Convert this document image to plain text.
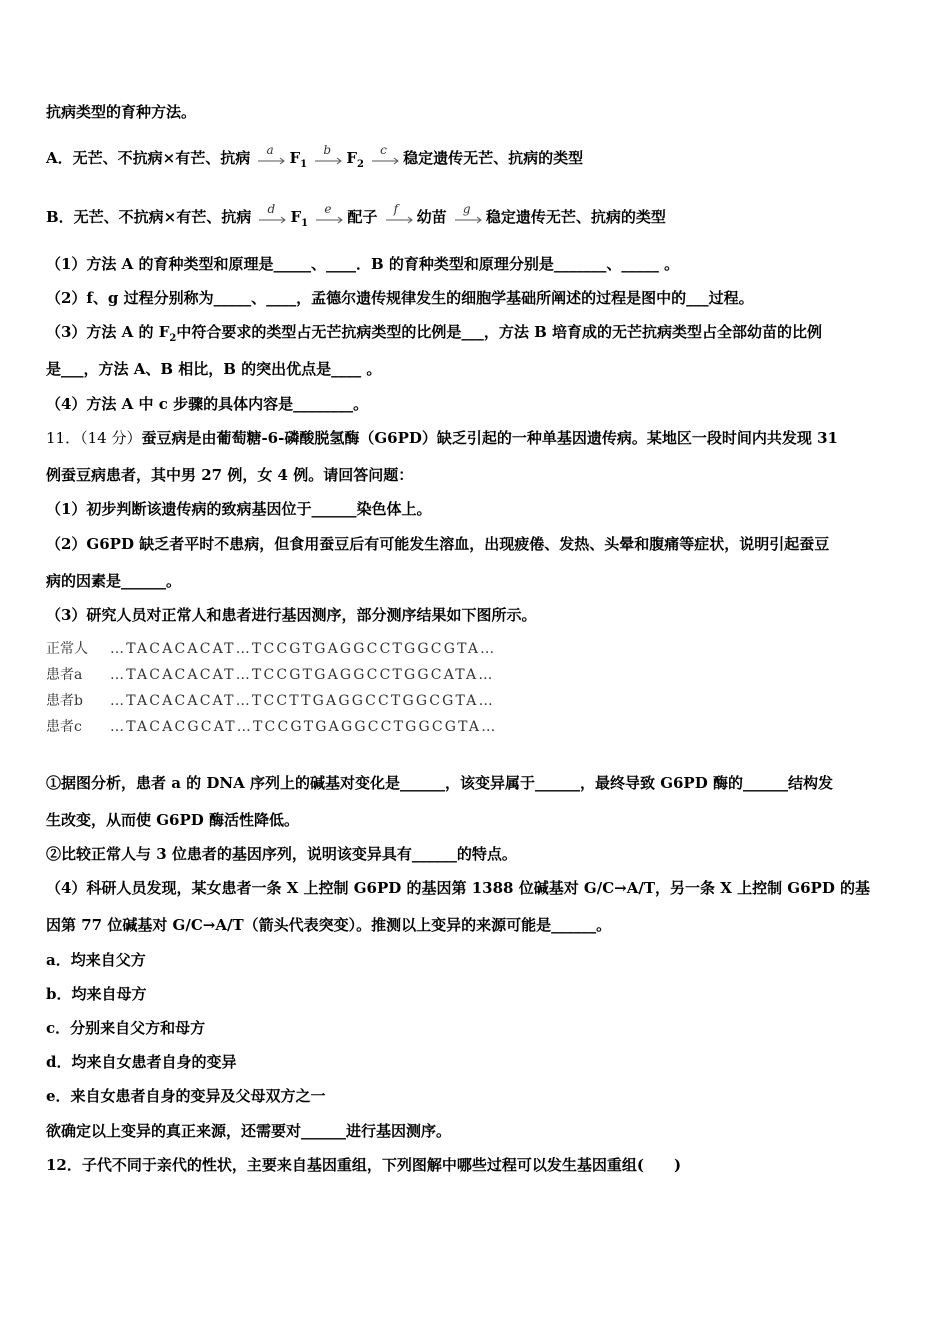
抗病类型的育种方法。
A．无芒、不抗病×有芒、抗病 a $F_1$
b $F_2$
c 稳定遗传无芒、抗病的类型
B．无芒、不抗病×有芒、抗病 d $F_1$
e 配子 f 幼苗 g 稳定遗传无芒、抗病的类型
（1）方法 A 的育种类型和原理是_____、____．B 的育种类型和原理分别是_______、_____ 。
（2）f、g 过程分别称为_____、____，孟德尔遗传规律发生的细胞学基础所阐述的过程是图中的___过程。
（3）方法 A 的 $F_2$中符合要求的类型占无芒抗病类型的比例是___，方法 B 培育成的无芒抗病类型占全部幼苗的比例
是___，方法 A、B 相比，B 的突出优点是____ 。
（4）方法 A 中 c 步骤的具体内容是________。
11．（14 分）蚕豆病是由葡萄糖-6-磷酸脱氢酶（G6PD）缺乏引起的一种单基因遗传病。某地区一段时间内共发现 31
例蚕豆病患者，其中男 27 例，女 4 例。请回答问题：
（1）初步判断该遗传病的致病基因位于______染色体上。
（2）G6PD 缺乏者平时不患病，但食用蚕豆后有可能发生溶血，出现疲倦、发热、头晕和腹痛等症状，说明引起蚕豆
病的因素是______。
（3）研究人员对正常人和患者进行基因测序，部分测序结果如下图所示。
正常人 …TACACACAT…TCCGTGAGGCCTGGCGTA…
患者a …TACACACAT…TCCGTGAGGCCTGGCATA…
患者b …TACACACAT…TCCTTGAGGCCTGGCGTA…
患者c …TACACGCAT…TCCGTGAGGCCTGGCGTA…
①据图分析，患者 a 的 DNA 序列上的碱基对变化是______，该变异属于______，最终导致 G6PD 酶的______结构发
生改变，从而使 G6PD 酶活性降低。
②比较正常人与 3 位患者的基因序列，说明该变异具有______的特点。
（4）科研人员发现，某女患者一条 X 上控制 G6PD 的基因第 1388 位碱基对 G/C→A/T，另一条 X 上控制 G6PD 的基
因第 77 位碱基对 G/C→A/T（箭头代表突变）。推测以上变异的来源可能是______。
a．均来自父方
b．均来自母方
c．分别来自父方和母方
d．均来自女患者自身的变异
e．来自女患者自身的变异及父母双方之一
欲确定以上变异的真正来源，还需要对______进行基因测序。
12．子代不同于亲代的性状，主要来自基因重组，下列图解中哪些过程可以发生基因重组(　　)
